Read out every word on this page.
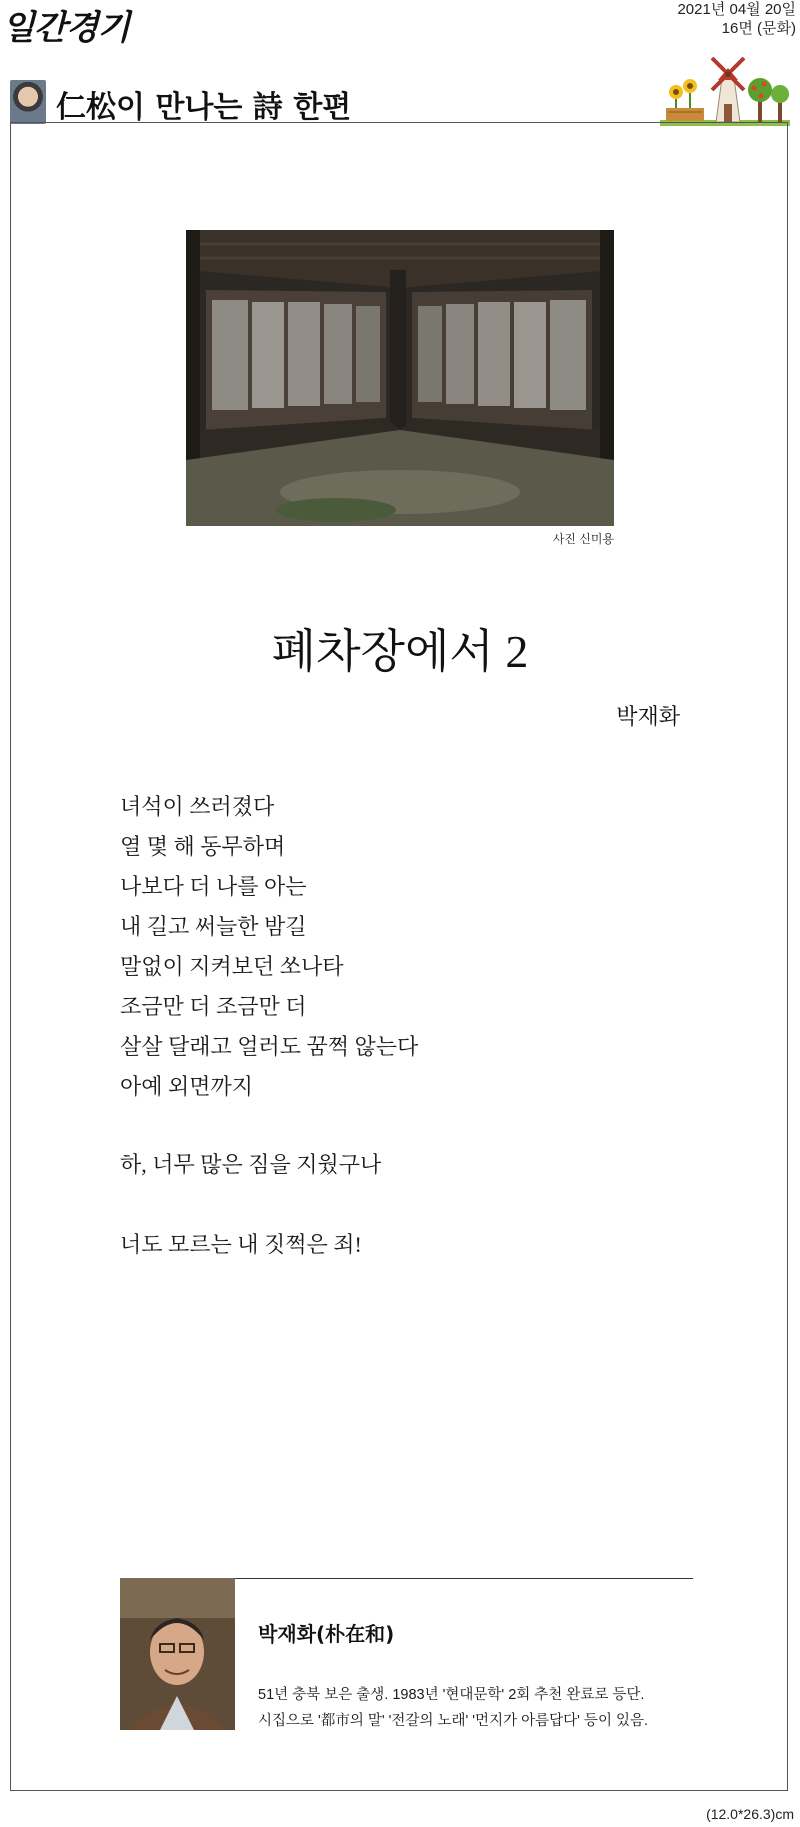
일간경기	2021년 04월 20일
16면 (문화)
仁松이 만나는 詩 한편
사진 신미용
폐차장에서 2
박재화
녀석이 쓰러졌다
열 몇 해 동무하며
나보다 더 나를 아는
내 길고 써늘한 밤길
말없이 지켜보던 쏘나타
조금만 더 조금만 더
살살 달래고 얼러도 꿈쩍 않는다
아예 외면까지
하, 너무 많은 짐을 지웠구나
너도 모르는 내 짓쩍은 죄!
박재화(朴在和)
51년 충북 보은 출생. 1983년 '현대문학' 2회 추천 완료로 등단.
시집으로 '都市의 말' '전갈의 노래' '먼지가 아름답다' 등이 있음.
(12.0*26.3)cm
